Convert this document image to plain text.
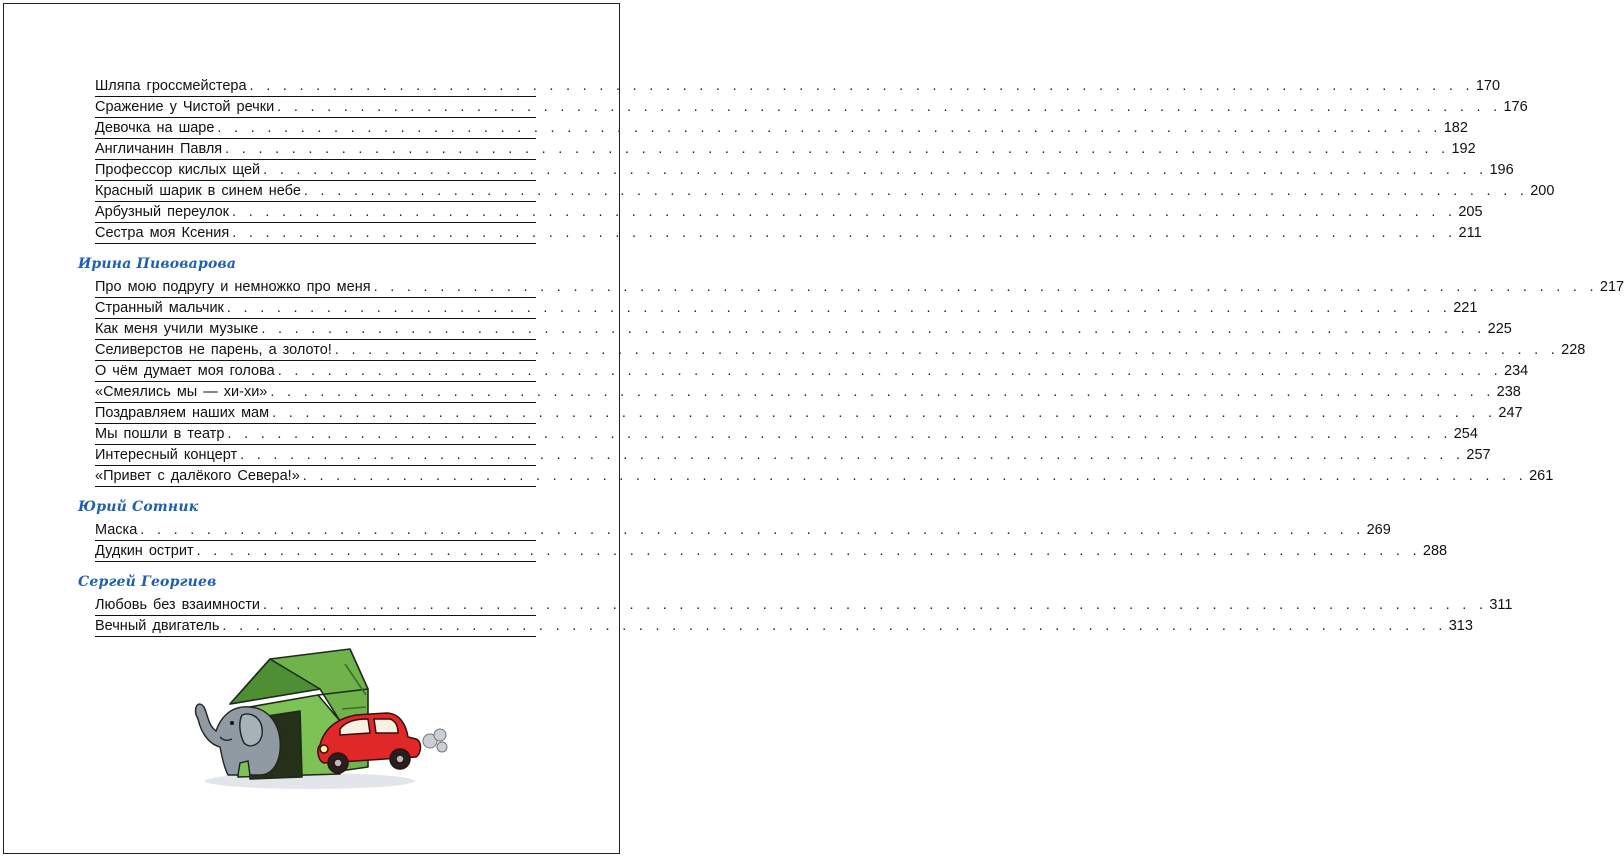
Шляпа гроссмейстера . . . . . . . . . . . . . . . . . . . . . . . . . . . . . . . . . . . . . . . . . . . . . . . . . . . . . . . . . . . . . . . . . . . . . . . . . . 170
Сражение у Чистой речки . . . . . . . . . . . . . . . . . . . . . . . . . . . . . . . . . . . . . . . . . . . . . . . . . . . . . . . . . . . . . . . . . . . . . . . . . . 176
Девочка на шаре . . . . . . . . . . . . . . . . . . . . . . . . . . . . . . . . . . . . . . . . . . . . . . . . . . . . . . . . . . . . . . . . . . . . . . . . . . 182
Англичанин Павля . . . . . . . . . . . . . . . . . . . . . . . . . . . . . . . . . . . . . . . . . . . . . . . . . . . . . . . . . . . . . . . . . . . . . . . . . . 192
Профессор кислых щей . . . . . . . . . . . . . . . . . . . . . . . . . . . . . . . . . . . . . . . . . . . . . . . . . . . . . . . . . . . . . . . . . . . . . . . . . . 196
Красный шарик в синем небе . . . . . . . . . . . . . . . . . . . . . . . . . . . . . . . . . . . . . . . . . . . . . . . . . . . . . . . . . . . . . . . . . . . . . . . . . . 200
Арбузный переулок . . . . . . . . . . . . . . . . . . . . . . . . . . . . . . . . . . . . . . . . . . . . . . . . . . . . . . . . . . . . . . . . . . . . . . . . . . 205
Сестра моя Ксения . . . . . . . . . . . . . . . . . . . . . . . . . . . . . . . . . . . . . . . . . . . . . . . . . . . . . . . . . . . . . . . . . . . . . . . . . . 211
Ирина Пивоварова
Про мою подругу и немножко про меня . . . . . . . . . . . . . . . . . . . . . . . . . . . . . . . . . . . . . . . . . . . . . . . . . . . . . . . . . . . . . . . . . . . . . . . . . . 217
Странный мальчик . . . . . . . . . . . . . . . . . . . . . . . . . . . . . . . . . . . . . . . . . . . . . . . . . . . . . . . . . . . . . . . . . . . . . . . . . . 221
Как меня учили музыке . . . . . . . . . . . . . . . . . . . . . . . . . . . . . . . . . . . . . . . . . . . . . . . . . . . . . . . . . . . . . . . . . . . . . . . . . . 225
Селиверстов не парень, а золото! . . . . . . . . . . . . . . . . . . . . . . . . . . . . . . . . . . . . . . . . . . . . . . . . . . . . . . . . . . . . . . . . . . . . . . . . . . 228
О чём думает моя голова . . . . . . . . . . . . . . . . . . . . . . . . . . . . . . . . . . . . . . . . . . . . . . . . . . . . . . . . . . . . . . . . . . . . . . . . . . 234
«Смеялись мы — хи-хи» . . . . . . . . . . . . . . . . . . . . . . . . . . . . . . . . . . . . . . . . . . . . . . . . . . . . . . . . . . . . . . . . . . . . . . . . . . 238
Поздравляем наших мам . . . . . . . . . . . . . . . . . . . . . . . . . . . . . . . . . . . . . . . . . . . . . . . . . . . . . . . . . . . . . . . . . . . . . . . . . . 247
Мы пошли в театр . . . . . . . . . . . . . . . . . . . . . . . . . . . . . . . . . . . . . . . . . . . . . . . . . . . . . . . . . . . . . . . . . . . . . . . . . . 254
Интересный концерт . . . . . . . . . . . . . . . . . . . . . . . . . . . . . . . . . . . . . . . . . . . . . . . . . . . . . . . . . . . . . . . . . . . . . . . . . . 257
«Привет с далёкого Севера!» . . . . . . . . . . . . . . . . . . . . . . . . . . . . . . . . . . . . . . . . . . . . . . . . . . . . . . . . . . . . . . . . . . . . . . . . . . 261
Юрий Сотник
Маска . . . . . . . . . . . . . . . . . . . . . . . . . . . . . . . . . . . . . . . . . . . . . . . . . . . . . . . . . . . . . . . . . . . . . . . . . . 269
Дудкин острит . . . . . . . . . . . . . . . . . . . . . . . . . . . . . . . . . . . . . . . . . . . . . . . . . . . . . . . . . . . . . . . . . . . . . . . . . . 288
Сергей Георгиев
Любовь без взаимности . . . . . . . . . . . . . . . . . . . . . . . . . . . . . . . . . . . . . . . . . . . . . . . . . . . . . . . . . . . . . . . . . . . . . . . . . . 311
Вечный двигатель . . . . . . . . . . . . . . . . . . . . . . . . . . . . . . . . . . . . . . . . . . . . . . . . . . . . . . . . . . . . . . . . . . . . . . . . . . 313
